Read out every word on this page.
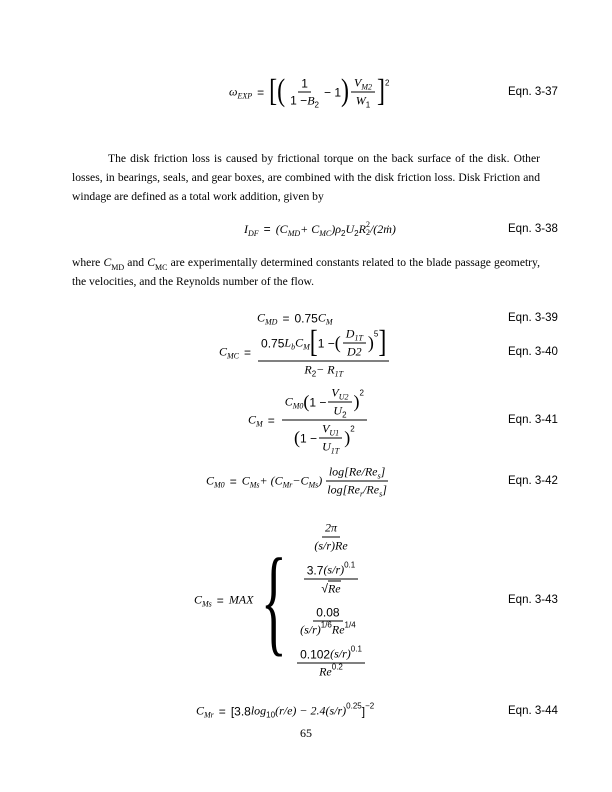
$\omega_{EXP}$ = [ ( $\frac{1}{1 - B_2} - 1$ ) $\frac{V_{M2}}{W_1} ]^2$
Eqn. 3-37
The disk friction loss is caused by frictional torque on the back surface of the disk. Other losses, in bearings, seals, and gear boxes, are combined with the disk friction loss. Disk Friction and windage are defined as a total work addition, given by
$I_{DF} = (C_{MD} + C_{MC}$ )$\rho_2$ $U_2$ R 2
2 /(2ṁ)	Eqn. 3-38
where $C_{MD}$ and $C_{MC}$ are experimentally determined constants related to the blade passage geometry, the velocities, and the Reynolds number of the flow.
$C_{MD} = 0.75$ $C_M$	Eqn. 3-39
$C_{MC} = \frac{0.75 L_b C_M [ 1 - ( \frac{D_{1T}}{D2} )^5 ]}{R_2 - R_{1T}}$	Eqn. 3-40
$C_M = \frac{C_{M0} ( 1 - \frac{V_{U2}}{U_2} )^2}{( 1 - \frac{V_{U1}}{U_{1T}} )^2}$	Eqn. 3-41
$C_{M0} = C_{Ms} + (C_{Mr} -C_{Ms}$ ) $\frac{\log[Re/Re_s ]}{\log[Re_r /Re_s ]}$	Eqn. 3-42
$C_{Ms}$ = MAX { $\frac{2\pi}{(s/r)Re}$
$\frac{3.7 (s/r)^{0.1}}{√ Re}$
$\frac{0.08}{(s/r)^{1/6} Re^{1/4}}$
$\frac{0.102 (s/r)^{0.1}}{Re^{0.2}}$
Eqn. 3-43
$C_{Mr} = [3.8$ $\log_{10} (r/e) - 2.4(s/r)^{0.25}$ ]$^{-2}$	Eqn. 3-44
65
